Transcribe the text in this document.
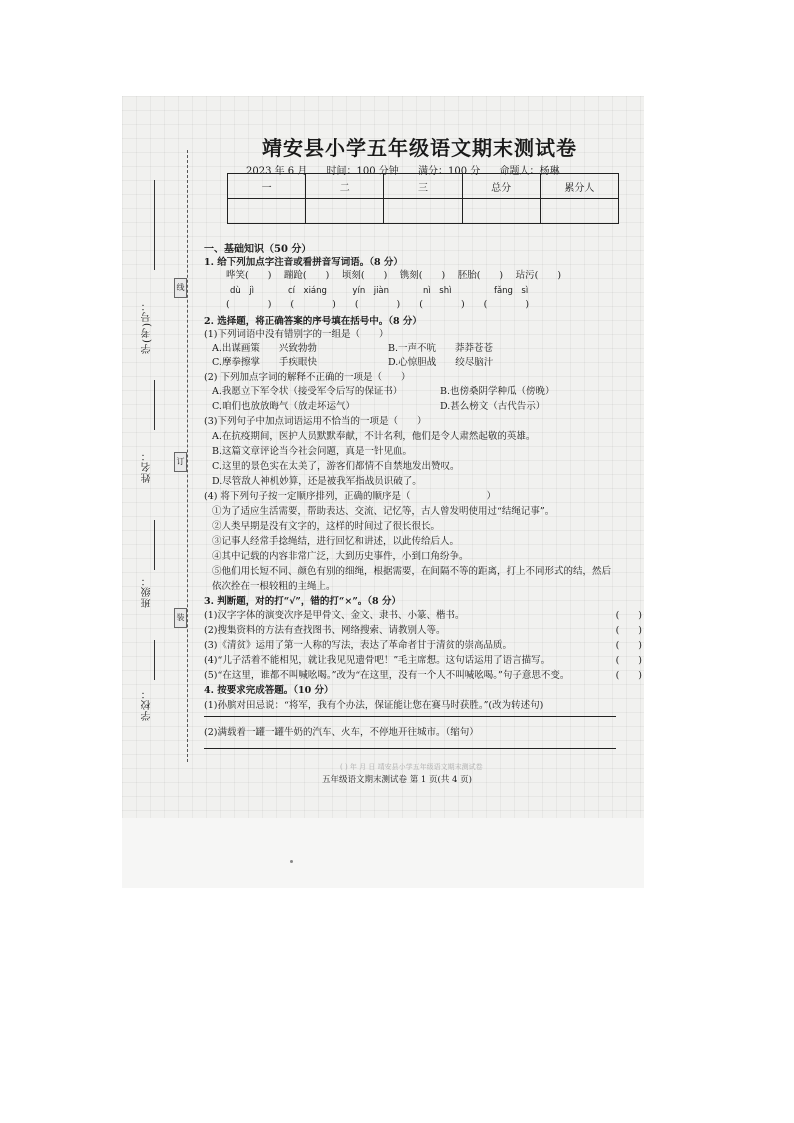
学(考)号：
姓名：
班级：
学校：
线
订
装
靖安县小学五年级语文期末测试卷
2023 年 6 月 时间：100 分钟 满分：100 分 命题人：杨琳
一	二	三	总分	累分人

一、基础知识（50 分）
1. 给下列加点字注音或看拼音写词语。（8 分）
哗笑(　　)　 蹦跄(　　)　 顷刻(　　)　 镌刻(　　)　 胚胎(　　)　 玷污(　　)
dù　jì　　　　cí　xiáng　　　yín　jiàn　　　　nì　shì　　　　　fǎng　sì
(　　　　)　　(　　　　)　　(　　　　)　　(　　　　)　　(　　　　)
2. 选择题，将正确答案的序号填在括号中。（8 分）
(1)下列词语中没有错别字的一组是（　　）
A.出谋画策　　兴致勃勃	B.一声不吭　　莽莽苍苍
C.摩拳擦掌　　手疾眼快	D.心惊胆战　　绞尽脑汁
(2) 下列加点字词的解释不正确的一项是（　　）
A.我愿立下军令状（接受军令后写的保证书）	B.也傍桑阴学种瓜（傍晚）
C.咱们也放放晦气（放走坏运气）	D.甚么榜文（古代告示）
(3)下列句子中加点词语运用不恰当的一项是（　　）
A.在抗疫期间，医护人员默默奉献，不计名利，他们是令人肃然起敬的英雄。
B.这篇文章评论当今社会问题，真是一针见血。
C.这里的景色实在太美了，游客们都情不自禁地发出赞叹。
D.尽管敌人神机妙算，还是被我军指战员识破了。
(4) 将下列句子按一定顺序排列，正确的顺序是（　　　　　　　　）
①为了适应生活需要，帮助表达、交流、记忆等，古人曾发明使用过“结绳记事”。
②人类早期是没有文字的，这样的时间过了很长很长。
③记事人经常手捻绳结，进行回忆和讲述，以此传给后人。
④其中记载的内容非常广泛，大到历史事件，小到口角纷争。
⑤他们用长短不同、颜色有别的细绳，根据需要，在间隔不等的距离，打上不同形式的结，然后
依次拴在一根较粗的主绳上。
3. 判断题，对的打“√”，错的打“×”。（8 分）
(1)汉字字体的演变次序是甲骨文、金文、隶书、小篆、楷书。	(　　)
(2)搜集资料的方法有查找图书、网络搜索、请教别人等。	(　　)
(3)《清贫》运用了第一人称的写法，表达了革命者甘于清贫的崇高品质。	(　　)
(4)“儿子活着不能相见，就让我见见遗骨吧！”毛主席想。这句话运用了语言描写。	(　　)
(5)“在这里，谁都不叫喊吆喝。”改为“在这里，没有一个人不叫喊吆喝。”句子意思不变。	(　　)
4. 按要求完成答题。（10 分）
(1)孙膑对田忌说：“将军，我有个办法，保证能让您在赛马时获胜。”(改为转述句)
(2)满载着一罐一罐牛奶的汽车、火车，不停地开往城市。（缩句）
( ) 年 月 日 靖安县小学五年级语文期末测试卷
五年级语文期末测试卷 第 1 页(共 4 页)
